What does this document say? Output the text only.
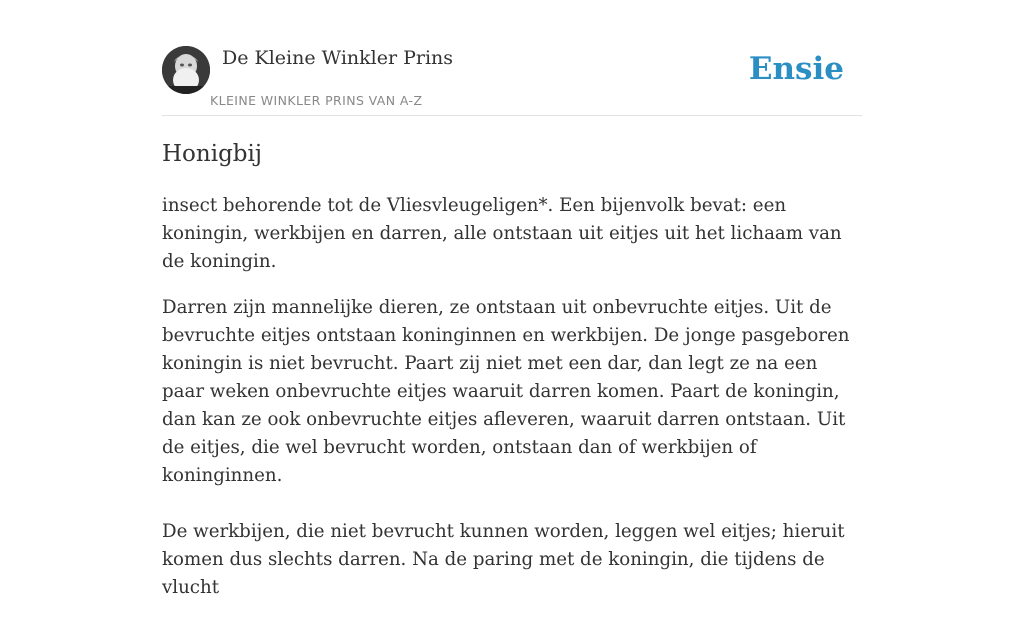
De Kleine Winkler Prins
KLEINE WINKLER PRINS VAN A-Z
Ensie
Honigbij

insect behorende tot de Vliesvleugeligen*. Een bijenvolk bevat: een koningin, werkbijen en darren, alle ontstaan uit eitjes uit het lichaam van de koningin.

Darren zijn mannelijke dieren, ze ontstaan uit onbevruchte eitjes. Uit de bevruchte eitjes ontstaan koninginnen en werkbijen. De jonge pasgeboren koningin is niet bevrucht. Paart zij niet met een dar, dan legt ze na een paar weken onbevruchte eitjes waaruit darren komen. Paart de koningin, dan kan ze ook onbevruchte eitjes afleveren, waaruit darren ontstaan. Uit de eitjes, die wel bevrucht worden, ontstaan dan of werkbijen of koninginnen.

De werkbijen, die niet bevrucht kunnen worden, leggen wel eitjes; hieruit komen dus slechts darren. Na de paring met de koningin, die tijdens de vlucht
